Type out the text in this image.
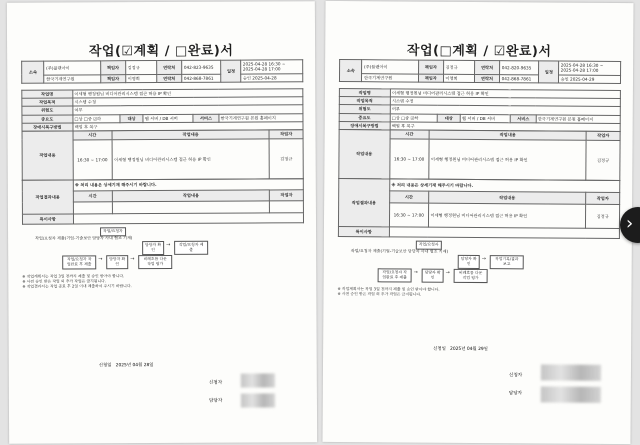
작업(☑계획 / □완료)서
소속	(주)플랜아이	책임자	김정규	연락처	042-823-9635	일정	2025-04-28 16:30 ~
2025-04-28 17:00

	한국기계연구원	책임자	이영희	연락처	042-868-7861		승인 2025-04-28
작업명	이세형 행정원님 비디어관리시스템 접근 허용 IP 확인				
작업목적	시스템 수정				
위험도	여부				
중요도	□상 □중 ☑하	대상	웹 서버 / DB 서버	서비스	한국기계연구원 본원 홈페이지
장애시복구방법	백업 후 복구				
작업내용	시간	작업내용	작업자
	16:30 ~ 17:00	이세형 행정원님 비디어관리시스템 접근 허용 IP 확인	김정규
작업결과내용	※ 처리 내용은 상세기재 해주시기 바랍니다.		
	시간	작업내용	작업자

특이사항			
작업/요청자
작업/요청자 제출(기업-기술보안 담당자 사내 협조 기재)
담당자 확인
→	작업/요청자 제출
작업/요청자 작업완료 후 제출
→	담당자 확인
→	비례흐름 다운 작업 평가
※ 작업계획서는 작업 3일 전까지 제출 및 승인 받아야 합니다.
※ 사전 승인 받은 작업 외 추가 작업은 금지됩니다.
※ 작업결과서는 작업 종료 후 2일 이내 제출하여 주시기 바랍니다.
신청일 2025년 04월 28일
신청자
담당자
작업(□계획 / ☑완료)서
소속	(주)플랜아이	책임자	김정규	연락처	042-820-9635	일정	2025-04-28 16:30 ~
2025-04-28 17:00

	한국기계연구원	책임자	이영희	연락처	042-868-7861		승인 2025-04-29
작업명	이세형 행정원님 비디어관리시스템 접근 허용 IP 확인				
작업목적	시스템 수정				
위험도	여부				
중요도	□상 □중 ☑하	대상	웹 서버 / DB 서버	서비스	한국기계연구원 본원 홈페이지
장애시복구방법	백업 후 복구				
작업내용	시간	작업내용	작업자
	16:30 ~ 17:00	이세형 행정원님 비디어관리시스템 접근 허용 IP 확인	김정규
작업결과내용	※ 처리 내용은 상세기재 해주시기 바랍니다.		
	시간	작업내용	작업자
	16:30 ~ 17:00	이세형 행정원님 비디어관리시스템 접근 허용 IP 확인	김정규
특이사항			
작업/요청자
작업/요청자 제출(기업-기술보안 담당자 사내 협조 기재)
담당자 확인
→	작업기록/결과 보고
작업/요청자 작업완료 후 제출
→	담당자 확인
→	비례흐름 다운 작업 평가
※ 작업계획서는 작업 3일 전까지 제출 및 승인 받아야 합니다.
※ 사전 승인 받은 작업 외 추가 작업은 금지됩니다.
신청일 2025년 04월 29일
신청자
담당자
›
